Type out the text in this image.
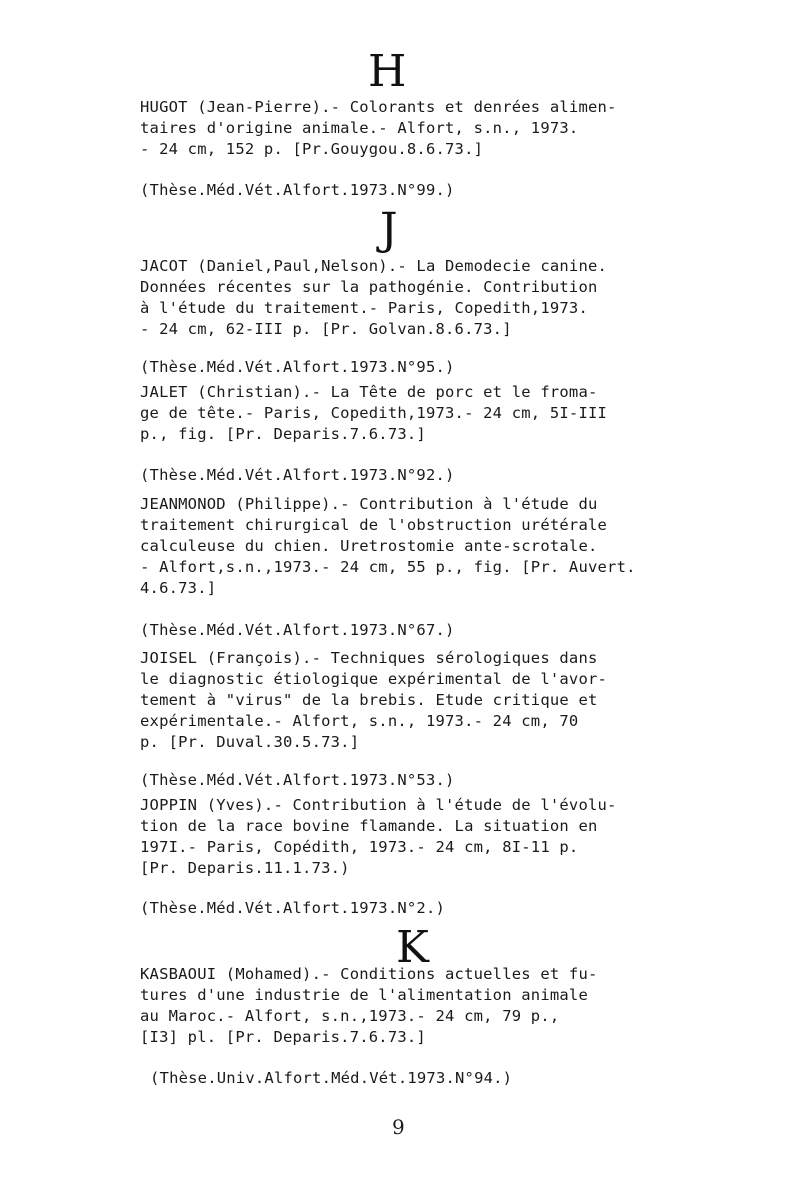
H
HUGOT (Jean-Pierre).- Colorants et denrées alimen-
taires d'origine animale.- Alfort, s.n., 1973.
- 24 cm, 152 p. [Pr.Gouygou.8.6.73.]
(Thèse.Méd.Vét.Alfort.1973.N°99.)
J
JACOT (Daniel,Paul,Nelson).- La Demodecie canine.
Données récentes sur la pathogénie. Contribution
à l'étude du traitement.- Paris, Copedith,1973.
- 24 cm, 62-III p. [Pr. Golvan.8.6.73.]
(Thèse.Méd.Vét.Alfort.1973.N°95.)
JALET (Christian).- La Tête de porc et le froma-
ge de tête.- Paris, Copedith,1973.- 24 cm, 5I-III
p., fig. [Pr. Deparis.7.6.73.]
(Thèse.Méd.Vét.Alfort.1973.N°92.)
JEANMONOD (Philippe).- Contribution à l'étude du
traitement chirurgical de l'obstruction urétérale
calculeuse du chien. Uretrostomie ante-scrotale.
- Alfort,s.n.,1973.- 24 cm, 55 p., fig. [Pr. Auvert.
4.6.73.]
(Thèse.Méd.Vét.Alfort.1973.N°67.)
JOISEL (François).- Techniques sérologiques dans
le diagnostic étiologique expérimental de l'avor-
tement à "virus" de la brebis. Etude critique et
expérimentale.- Alfort, s.n., 1973.- 24 cm, 70
p. [Pr. Duval.30.5.73.]
(Thèse.Méd.Vét.Alfort.1973.N°53.)
JOPPIN (Yves).- Contribution à l'étude de l'évolu-
tion de la race bovine flamande. La situation en
197I.- Paris, Copédith, 1973.- 24 cm, 8I-11 p.
[Pr. Deparis.11.1.73.)
(Thèse.Méd.Vét.Alfort.1973.N°2.)
K
KASBAOUI (Mohamed).- Conditions actuelles et fu-
tures d'une industrie de l'alimentation animale
au Maroc.- Alfort, s.n.,1973.- 24 cm, 79 p.,
[I3] pl. [Pr. Deparis.7.6.73.]
(Thèse.Univ.Alfort.Méd.Vét.1973.N°94.)
9
